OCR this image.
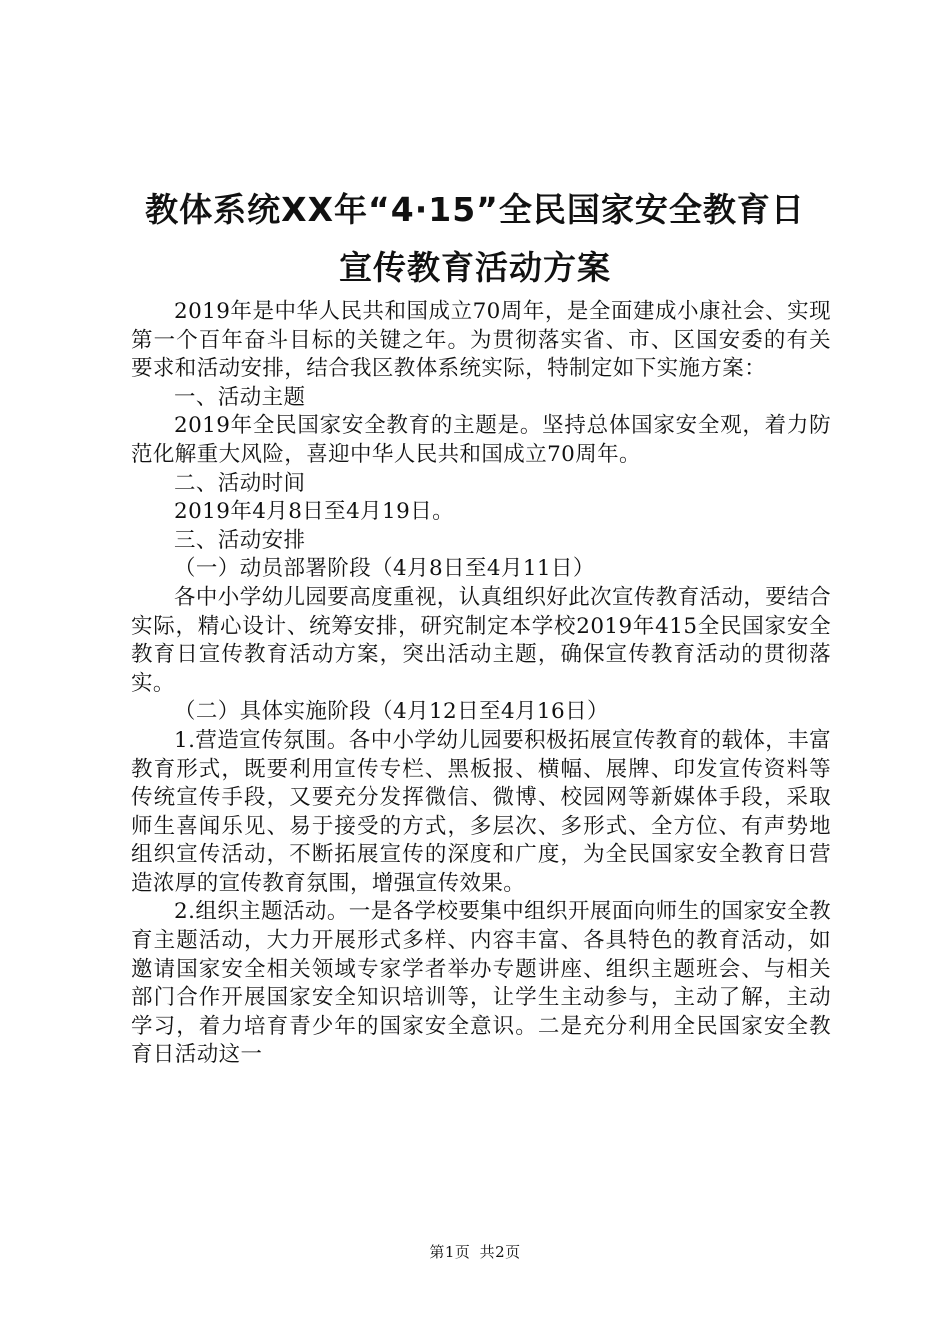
教体系统XX年“4·15”全民国家安全教育日
宣传教育活动方案

2019年是中华人民共和国成立70周年，是全面建成小康社会、实现第一个百年奋斗目标的关键之年。为贯彻落实省、市、区国安委的有关要求和活动安排，结合我区教体系统实际，特制定如下实施方案：

一、活动主题

2019年全民国家安全教育的主题是。坚持总体国家安全观，着力防范化解重大风险，喜迎中华人民共和国成立70周年。

二、活动时间

2019年4月8日至4月19日。

三、活动安排

（一）动员部署阶段（4月8日至4月11日）

各中小学幼儿园要高度重视，认真组织好此次宣传教育活动，要结合实际，精心设计、统筹安排，研究制定本学校2019年415全民国家安全教育日宣传教育活动方案，突出活动主题，确保宣传教育活动的贯彻落实。

（二）具体实施阶段（4月12日至4月16日）

1.营造宣传氛围。各中小学幼儿园要积极拓展宣传教育的载体，丰富教育形式，既要利用宣传专栏、黑板报、横幅、展牌、印发宣传资料等传统宣传手段，又要充分发挥微信、微博、校园网等新媒体手段，采取师生喜闻乐见、易于接受的方式，多层次、多形式、全方位、有声势地组织宣传活动，不断拓展宣传的深度和广度，为全民国家安全教育日营造浓厚的宣传教育氛围，增强宣传效果。

2.组织主题活动。一是各学校要集中组织开展面向师生的国家安全教育主题活动，大力开展形式多样、内容丰富、各具特色的教育活动，如邀请国家安全相关领域专家学者举办专题讲座、组织主题班会、与相关部门合作开展国家安全知识培训等，让学生主动参与，主动了解，主动学习，着力培育青少年的国家安全意识。二是充分利用全民国家安全教育日活动这一

第1页 共2页
